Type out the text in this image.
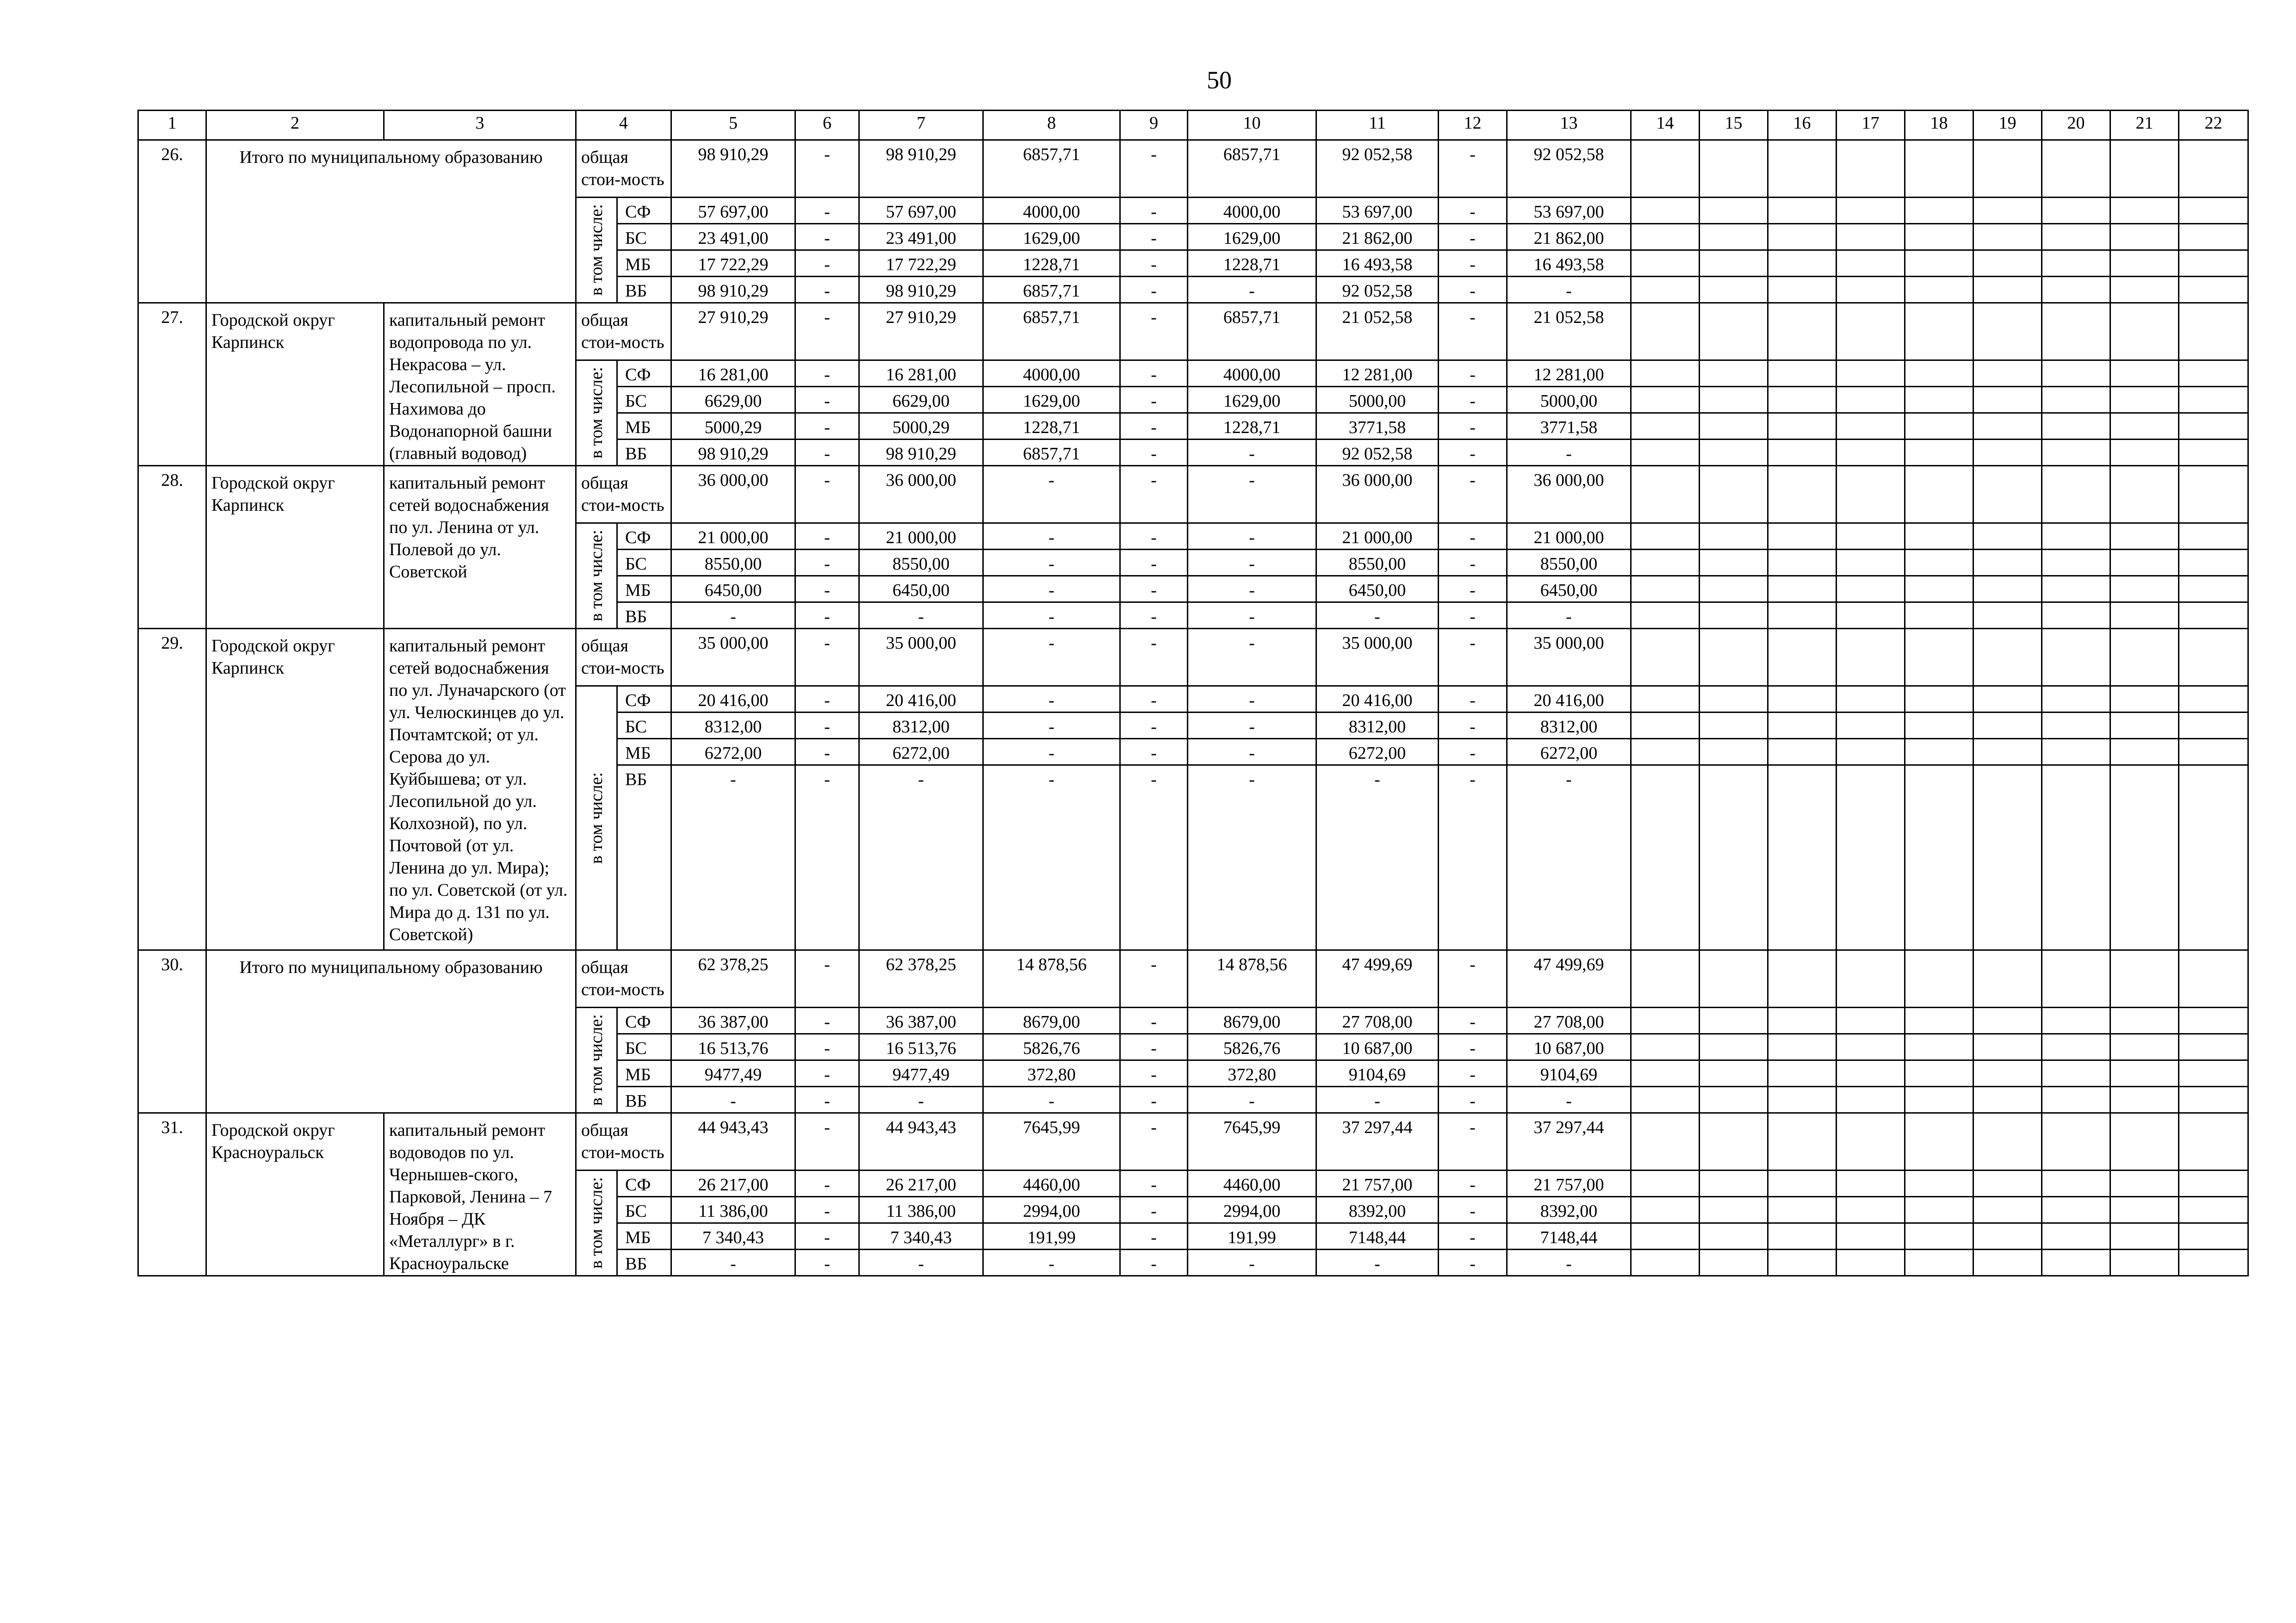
50
1	2	3	4		5	6	7	8	9	10	11	12	13	14	15	16	17	18	19	20	21	22
26.	Итого по муниципальному образованию		общая стои-мость		98 910,29	-	98 910,29	6857,71	-	6857,71	92 052,58	-	92 052,58									

			в том числе:	СФ	57 697,00	-	57 697,00	4000,00	-	4000,00	53 697,00	-	53 697,00									
				БС	23 491,00	-	23 491,00	1629,00	-	1629,00	21 862,00	-	21 862,00									
				МБ	17 722,29	-	17 722,29	1228,71	-	1228,71	16 493,58	-	16 493,58									
				ВБ	98 910,29	-	98 910,29	6857,71	-	-	92 052,58	-	-									
27.	Городской округ Карпинск	капитальный ремонт водопровода по ул. Некрасова – ул. Лесопильной – просп. Нахимова до Водонапорной башни (главный водовод)	общая стои-мость		27 910,29	-	27 910,29	6857,71	-	6857,71	21 052,58	-	21 052,58									

			в том числе:	СФ	16 281,00	-	16 281,00	4000,00	-	4000,00	12 281,00	-	12 281,00									
				БС	6629,00	-	6629,00	1629,00	-	1629,00	5000,00	-	5000,00									
				МБ	5000,29	-	5000,29	1228,71	-	1228,71	3771,58	-	3771,58									
				ВБ	98 910,29	-	98 910,29	6857,71	-	-	92 052,58	-	-									
28.	Городской округ Карпинск	капитальный ремонт сетей водоснабжения по ул. Ленина от ул. Полевой до ул. Советской	общая стои-мость		36 000,00	-	36 000,00	-	-	-	36 000,00	-	36 000,00									

			в том числе:	СФ	21 000,00	-	21 000,00	-	-	-	21 000,00	-	21 000,00									
				БС	8550,00	-	8550,00	-	-	-	8550,00	-	8550,00									
				МБ	6450,00	-	6450,00	-	-	-	6450,00	-	6450,00									
				ВБ	-	-	-	-	-	-	-	-	-									
29.	Городской округ Карпинск	капитальный ремонт сетей водоснабжения по ул. Луначарского (от ул. Челюскинцев до ул. Почтамтской; от ул. Серова до ул. Куйбышева; от ул. Лесопильной до ул. Колхозной), по ул. Почтовой (от ул. Ленина до ул. Мира); по ул. Советской (от ул. Мира до д. 131 по ул. Советской)	общая стои-мость		35 000,00	-	35 000,00	-	-	-	35 000,00	-	35 000,00									

			в том числе:	СФ	20 416,00	-	20 416,00	-	-	-	20 416,00	-	20 416,00									
				БС	8312,00	-	8312,00	-	-	-	8312,00	-	8312,00									
				МБ	6272,00	-	6272,00	-	-	-	6272,00	-	6272,00									
				ВБ	-	-	-	-	-	-	-	-	-									
30.	Итого по муниципальному образованию		общая стои-мость		62 378,25	-	62 378,25	14 878,56	-	14 878,56	47 499,69	-	47 499,69									

			в том числе:	СФ	36 387,00	-	36 387,00	8679,00	-	8679,00	27 708,00	-	27 708,00									
				БС	16 513,76	-	16 513,76	5826,76	-	5826,76	10 687,00	-	10 687,00									
				МБ	9477,49	-	9477,49	372,80	-	372,80	9104,69	-	9104,69									
				ВБ	-	-	-	-	-	-	-	-	-									
31.	Городской округ Красноуральск	капитальный ремонт водоводов по ул. Чернышев-ского, Парковой, Ленина – 7 Ноября – ДК «Металлург» в г. Красноуральске	общая стои-мость		44 943,43	-	44 943,43	7645,99	-	7645,99	37 297,44	-	37 297,44									

			в том числе:	СФ	26 217,00	-	26 217,00	4460,00	-	4460,00	21 757,00	-	21 757,00									
				БС	11 386,00	-	11 386,00	2994,00	-	2994,00	8392,00	-	8392,00									
				МБ	7 340,43	-	7 340,43	191,99	-	191,99	7148,44	-	7148,44									
				ВБ	-	-	-	-	-	-	-	-	-									
